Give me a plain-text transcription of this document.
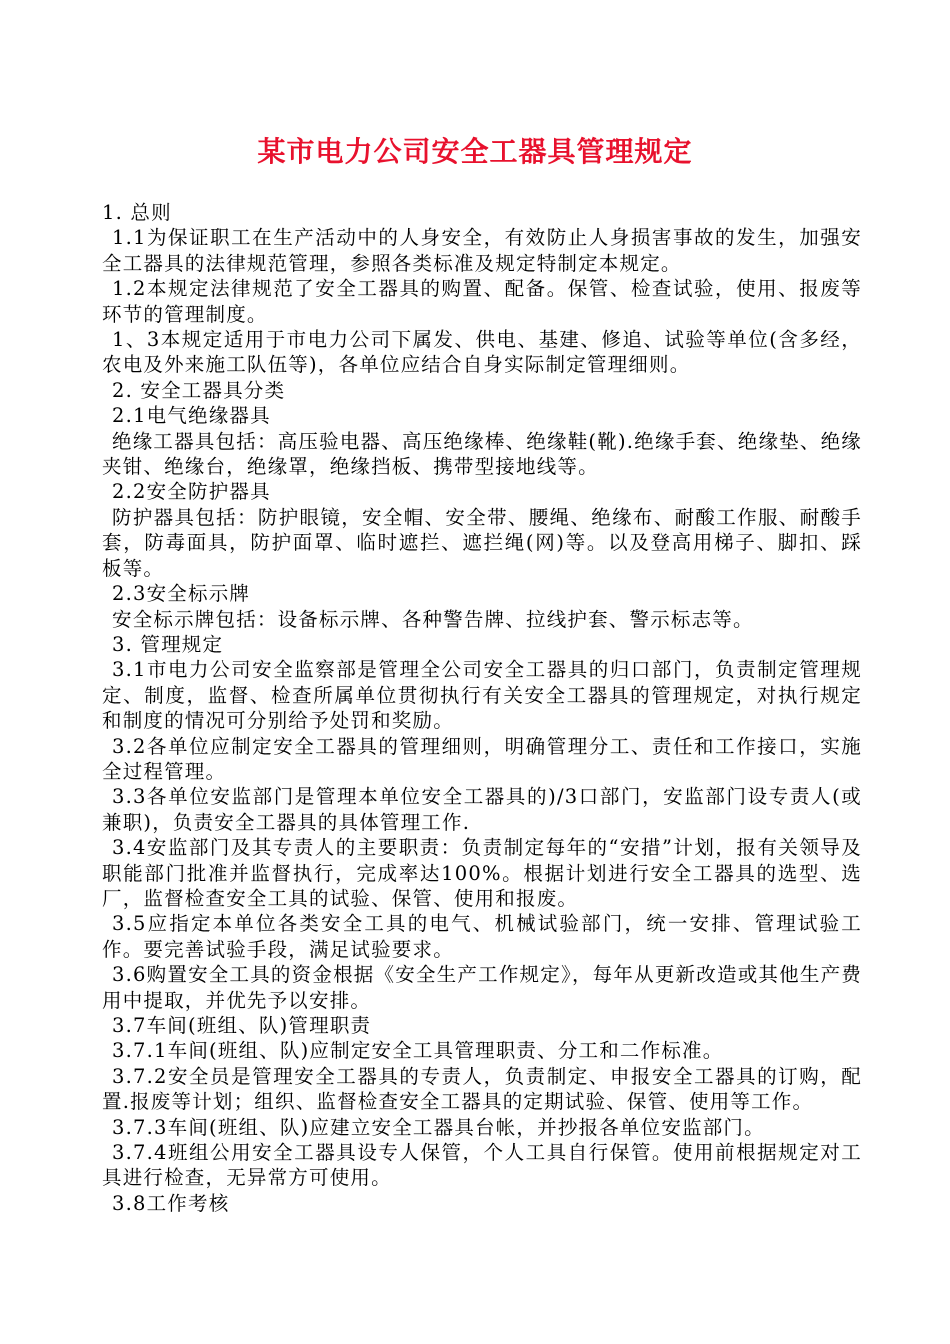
某市电力公司安全工器具管理规定

1. 总则

1.1为保证职工在生产活动中的人身安全，有效防止人身损害事故的发生，加强安全工器具的法律规范管理，参照各类标准及规定特制定本规定。

1.2本规定法律规范了安全工器具的购置、配备。保管、检查试验，使用、报废等环节的管理制度。

1、3本规定适用于市电力公司下属发、供电、基建、修追、试验等单位(含多经，农电及外来施工队伍等)，各单位应结合自身实际制定管理细则。

2. 安全工器具分类

2.1电气绝缘器具

绝缘工器具包括：高压验电器、高压绝缘棒、绝缘鞋(靴).绝缘手套、绝缘垫、绝缘夹钳、绝缘台，绝缘罩，绝缘挡板、携带型接地线等。

2.2安全防护器具

防护器具包括：防护眼镜，安全帽、安全带、腰绳、绝缘布、耐酸工作服、耐酸手套，防毒面具，防护面罩、临时遮拦、遮拦绳(网)等。以及登高用梯子、脚扣、踩板等。

2.3安全标示牌

安全标示牌包括：设备标示牌、各种警告牌、拉线护套、警示标志等。

3. 管理规定

3.1市电力公司安全监察部是管理全公司安全工器具的归口部门，负责制定管理规定、制度，监督、检查所属单位贯彻执行有关安全工器具的管理规定，对执行规定和制度的情况可分别给予处罚和奖励。

3.2各单位应制定安全工器具的管理细则，明确管理分工、责任和工作接口，实施全过程管理。

3.3各单位安监部门是管理本单位安全工器具的)/3口部门，安监部门设专责人(或兼职)，负责安全工器具的具体管理工作.

3.4安监部门及其专责人的主要职责：负责制定每年的“安措”计划，报有关领导及职能部门批准并监督执行，完成率达100%。根据计划进行安全工器具的选型、选厂，监督检查安全工具的试验、保管、使用和报废。

3.5应指定本单位各类安全工具的电气、机械试验部门，统一安排、管理试验工作。要完善试验手段，满足试验要求。

3.6购置安全工具的资金根据《安全生产工作规定》，每年从更新改造或其他生产费用中提取，并优先予以安排。

3.7车间(班组、队)管理职责

3.7.1车间(班组、队)应制定安全工具管理职责、分工和二作标准。

3.7.2安全员是管理安全工器具的专责人，负责制定、申报安全工器具的订购，配置.报废等计划；组织、监督检查安全工器具的定期试验、保管、使用等工作。

3.7.3车间(班组、队)应建立安全工器具台帐，并抄报各单位安监部门。

3.7.4班组公用安全工器具设专人保管，个人工具自行保管。使用前根据规定对工具进行检查，无异常方可使用。

3.8工作考核
